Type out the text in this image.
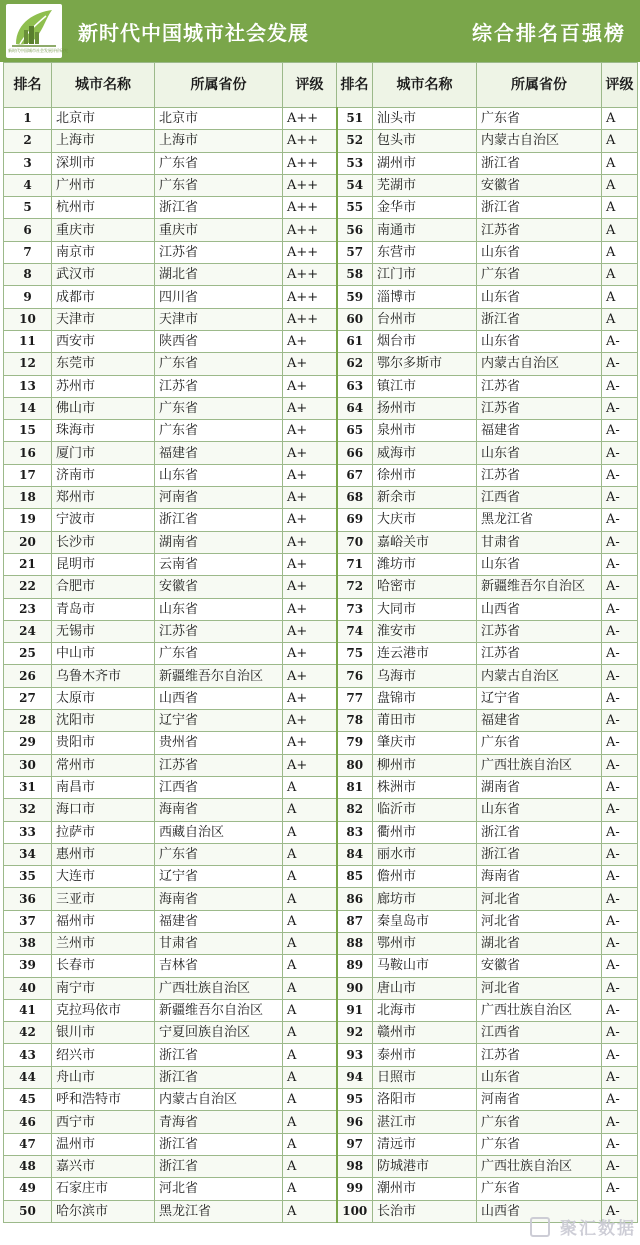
新时代中国城市社会发展评价研究
新时代中国城市社会发展	综合排名百强榜
排名	城市名称	所属省份	评级	排名	城市名称	所属省份	评级
1	北京市	北京市	A++	51	汕头市	广东省	A
2	上海市	上海市	A++	52	包头市	内蒙古自治区	A
3	深圳市	广东省	A++	53	湖州市	浙江省	A
4	广州市	广东省	A++	54	芜湖市	安徽省	A
5	杭州市	浙江省	A++	55	金华市	浙江省	A
6	重庆市	重庆市	A++	56	南通市	江苏省	A
7	南京市	江苏省	A++	57	东营市	山东省	A
8	武汉市	湖北省	A++	58	江门市	广东省	A
9	成都市	四川省	A++	59	淄博市	山东省	A
10	天津市	天津市	A++	60	台州市	浙江省	A
11	西安市	陕西省	A+	61	烟台市	山东省	A-
12	东莞市	广东省	A+	62	鄂尔多斯市	内蒙古自治区	A-
13	苏州市	江苏省	A+	63	镇江市	江苏省	A-
14	佛山市	广东省	A+	64	扬州市	江苏省	A-
15	珠海市	广东省	A+	65	泉州市	福建省	A-
16	厦门市	福建省	A+	66	威海市	山东省	A-
17	济南市	山东省	A+	67	徐州市	江苏省	A-
18	郑州市	河南省	A+	68	新余市	江西省	A-
19	宁波市	浙江省	A+	69	大庆市	黑龙江省	A-
20	长沙市	湖南省	A+	70	嘉峪关市	甘肃省	A-
21	昆明市	云南省	A+	71	潍坊市	山东省	A-
22	合肥市	安徽省	A+	72	哈密市	新疆维吾尔自治区	A-
23	青岛市	山东省	A+	73	大同市	山西省	A-
24	无锡市	江苏省	A+	74	淮安市	江苏省	A-
25	中山市	广东省	A+	75	连云港市	江苏省	A-
26	乌鲁木齐市	新疆维吾尔自治区	A+	76	乌海市	内蒙古自治区	A-
27	太原市	山西省	A+	77	盘锦市	辽宁省	A-
28	沈阳市	辽宁省	A+	78	莆田市	福建省	A-
29	贵阳市	贵州省	A+	79	肇庆市	广东省	A-
30	常州市	江苏省	A+	80	柳州市	广西壮族自治区	A-
31	南昌市	江西省	A	81	株洲市	湖南省	A-
32	海口市	海南省	A	82	临沂市	山东省	A-
33	拉萨市	西藏自治区	A	83	衢州市	浙江省	A-
34	惠州市	广东省	A	84	丽水市	浙江省	A-
35	大连市	辽宁省	A	85	儋州市	海南省	A-
36	三亚市	海南省	A	86	廊坊市	河北省	A-
37	福州市	福建省	A	87	秦皇岛市	河北省	A-
38	兰州市	甘肃省	A	88	鄂州市	湖北省	A-
39	长春市	吉林省	A	89	马鞍山市	安徽省	A-
40	南宁市	广西壮族自治区	A	90	唐山市	河北省	A-
41	克拉玛依市	新疆维吾尔自治区	A	91	北海市	广西壮族自治区	A-
42	银川市	宁夏回族自治区	A	92	赣州市	江西省	A-
43	绍兴市	浙江省	A	93	泰州市	江苏省	A-
44	舟山市	浙江省	A	94	日照市	山东省	A-
45	呼和浩特市	内蒙古自治区	A	95	洛阳市	河南省	A-
46	西宁市	青海省	A	96	湛江市	广东省	A-
47	温州市	浙江省	A	97	清远市	广东省	A-
48	嘉兴市	浙江省	A	98	防城港市	广西壮族自治区	A-
49	石家庄市	河北省	A	99	潮州市	广东省	A-
50	哈尔滨市	黑龙江省	A	100	长治市	山西省	A-
聚汇数据
